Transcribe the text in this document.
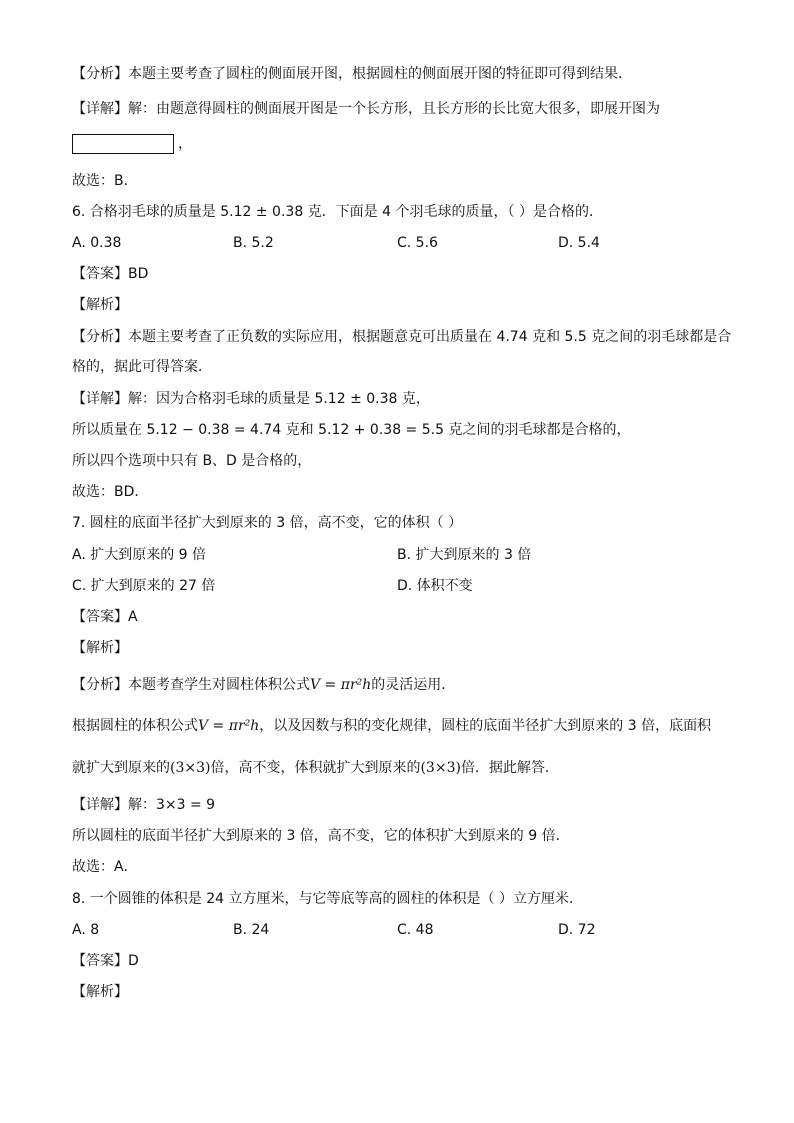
【分析】本题主要考查了圆柱的侧面展开图，根据圆柱的侧面展开图的特征即可得到结果．
【详解】解：由题意得圆柱的侧面展开图是一个长方形，且长方形的长比宽大很多，即展开图为
，
故选：B．
6. 合格羽毛球的质量是 5.12 ± 0.38 克．下面是 4 个羽毛球的质量，（ ）是合格的．
A. 0.38	B. 5.2	C. 5.6	D. 5.4
【答案】BD
【解析】
【分析】本题主要考查了正负数的实际应用，根据题意克可出质量在 4.74 克和 5.5 克之间的羽毛球都是合
格的，据此可得答案．
【详解】解：因为合格羽毛球的质量是 5.12 ± 0.38 克，
所以质量在 5.12 − 0.38 = 4.74 克和 5.12 + 0.38 = 5.5 克之间的羽毛球都是合格的，
所以四个选项中只有 B、D 是合格的，
故选：BD．
7. 圆柱的底面半径扩大到原来的 3 倍，高不变，它的体积（ ）
A. 扩大到原来的 9 倍	B. 扩大到原来的 3 倍
C. 扩大到原来的 27 倍	D. 体积不变
【答案】A
【解析】
【分析】本题考查学生对圆柱体积公式V = πr²h的灵活运用．
根据圆柱的体积公式V = πr²h，以及因数与积的变化规律，圆柱的底面半径扩大到原来的 3 倍，底面积
就扩大到原来的(3×3)倍，高不变，体积就扩大到原来的(3×3)倍．据此解答．
【详解】解：3×3 = 9
所以圆柱的底面半径扩大到原来的 3 倍，高不变，它的体积扩大到原来的 9 倍．
故选：A．
8. 一个圆锥的体积是 24 立方厘米，与它等底等高的圆柱的体积是（ ）立方厘米．
A. 8	B. 24	C. 48	D. 72
【答案】D
【解析】
